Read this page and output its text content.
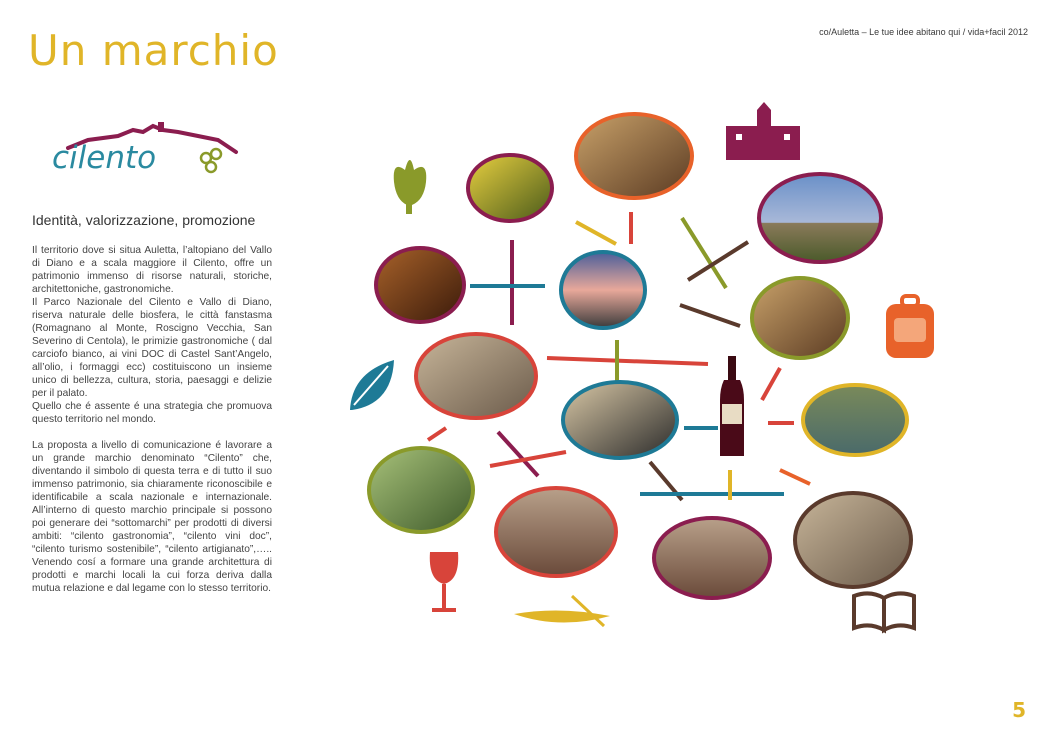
Un marchio	co/Auletta – Le tue idee abitano qui / vida+facil 2012
cilento
Identità, valorizzazione, promozione

Il territorio dove si situa Auletta, l’altopiano del Vallo di Diano e a scala maggiore il Cilento, offre un patrimonio immenso di risorse naturali, storiche, architettoniche, gastronomiche.

Il Parco Nazionale del Cilento e Vallo di Diano, riserva naturale delle biosfera, le città fanstasma (Romagnano al Monte, Roscigno Vecchia, San Severino di Centola), le primizie gastronomiche ( dal carciofo bianco, ai vini DOC di Castel Sant’Angelo, all’olio, i formaggi ecc) costituiscono un insieme unico di bellezza, cultura, storia, paesaggi e delizie per il palato.

Quello che é assente é una strategia che promuova questo territorio nel mondo.

La proposta a livello di comunicazione é lavorare a un grande marchio denominato “Cilento” che, diventando il simbolo di questa terra e di tutto il suo immenso patrimonio, sia chiaramente riconoscibile e identificabile a scala nazionale e internazionale. All’interno di questo marchio principale si possono poi generare dei “sottomarchi” per prodotti di diversi ambiti: “cilento gastronomia”, “cilento vini doc”, “cilento turismo sostenibile”, “cilento artigianato”,….. Venendo cosí a formare una grande architettura di prodotti e marchi locali la cui forza deriva dalla mutua relazione e dal legame con lo stesso territorio.

5
